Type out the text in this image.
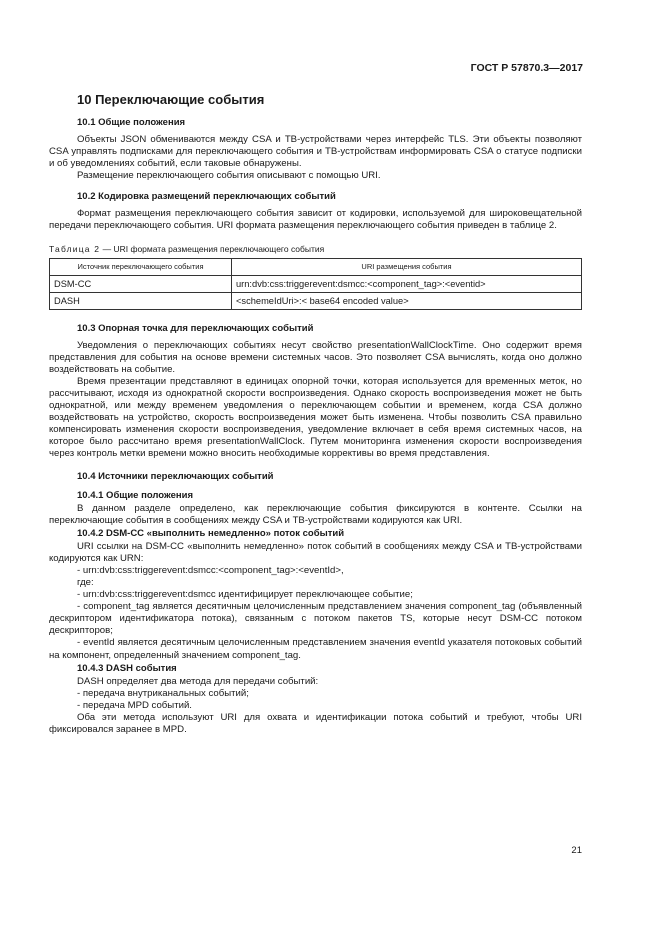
ГОСТ Р 57870.3—2017
10 Переключающие события
10.1 Общие положения

Объекты JSON обмениваются между CSA и ТВ-устройствами через интерфейс TLS. Эти объекты позволяют CSA управлять подписками для переключающего события и ТВ-устройствам информировать CSA о статусе подписки и об уведомлениях событий, если таковые обнаружены.

Размещение переключающего события описывают с помощью URI.

10.2 Кодировка размещений переключающих событий

Формат размещения переключающего события зависит от кодировки, используемой для широковещательной передачи переключающего события. URI формата размещения переключающего события приведен в таблице 2.

Таблица 2 — URI формата размещения переключающего события

Источник переключающего события	URI размещения события
DSM-CC	urn:dvb:css:triggerevent:dsmcc:<component_tag>:<eventid>
DASH	<schemeIdUri>:< base64 encoded value>
10.3 Опорная точка для переключающих событий

Уведомления о переключающих событиях несут свойство presentationWallClockTime. Оно содержит время представления для события на основе времени системных часов. Это позволяет CSA вычислять, когда оно должно воздействовать на событие.

Время презентации представляют в единицах опорной точки, которая используется для временных меток, но рассчитывают, исходя из однократной скорости воспроизведения. Однако скорость воспроизведения может не быть однократной, или между временем уведомления о переключающем событии и временем, когда CSA должно воздействовать на устройство, скорость воспроизведения может быть изменена. Чтобы позволить CSA правильно компенсировать изменения скорости воспроизведения, уведомление включает в себя время системных часов, на которое было рассчитано время presentationWallClock. Путем мониторинга изменения скорости воспроизведения через контроль метки времени можно вносить необходимые коррективы во время представления.

10.4 Источники переключающих событий
10.4.1 Общие положения

В данном разделе определено, как переключающие события фиксируются в контенте. Ссылки на переключающие события в сообщениях между CSA и ТВ-устройствами кодируются как URI.

10.4.2 DSM-CC «выполнить немедленно» поток событий

URI ссылки на DSM-CC «выполнить немедленно» поток событий в сообщениях между CSA и ТВ-устройствами кодируются как URN:

- urn:dvb:css:triggerevent:dsmcc:<component_tag>:<eventId>,

где:

- urn:dvb:css:triggerevent:dsmcc идентифицирует переключающее событие;

- component_tag является десятичным целочисленным представлением значения component_tag (объявленный дескриптором идентификатора потока), связанным с потоком пакетов TS, которые несут DSM-CC потоком дескрипторов;

- eventId является десятичным целочисленным представлением значения eventId указателя потоковых событий на компонент, определенный значением component_tag.

10.4.3 DASH события

DASH определяет два метода для передачи событий:

- передача внутриканальных событий;

- передача MPD событий.

Оба эти метода используют URI для охвата и идентификации потока событий и требуют, чтобы URI фиксировался заранее в MPD.

21
